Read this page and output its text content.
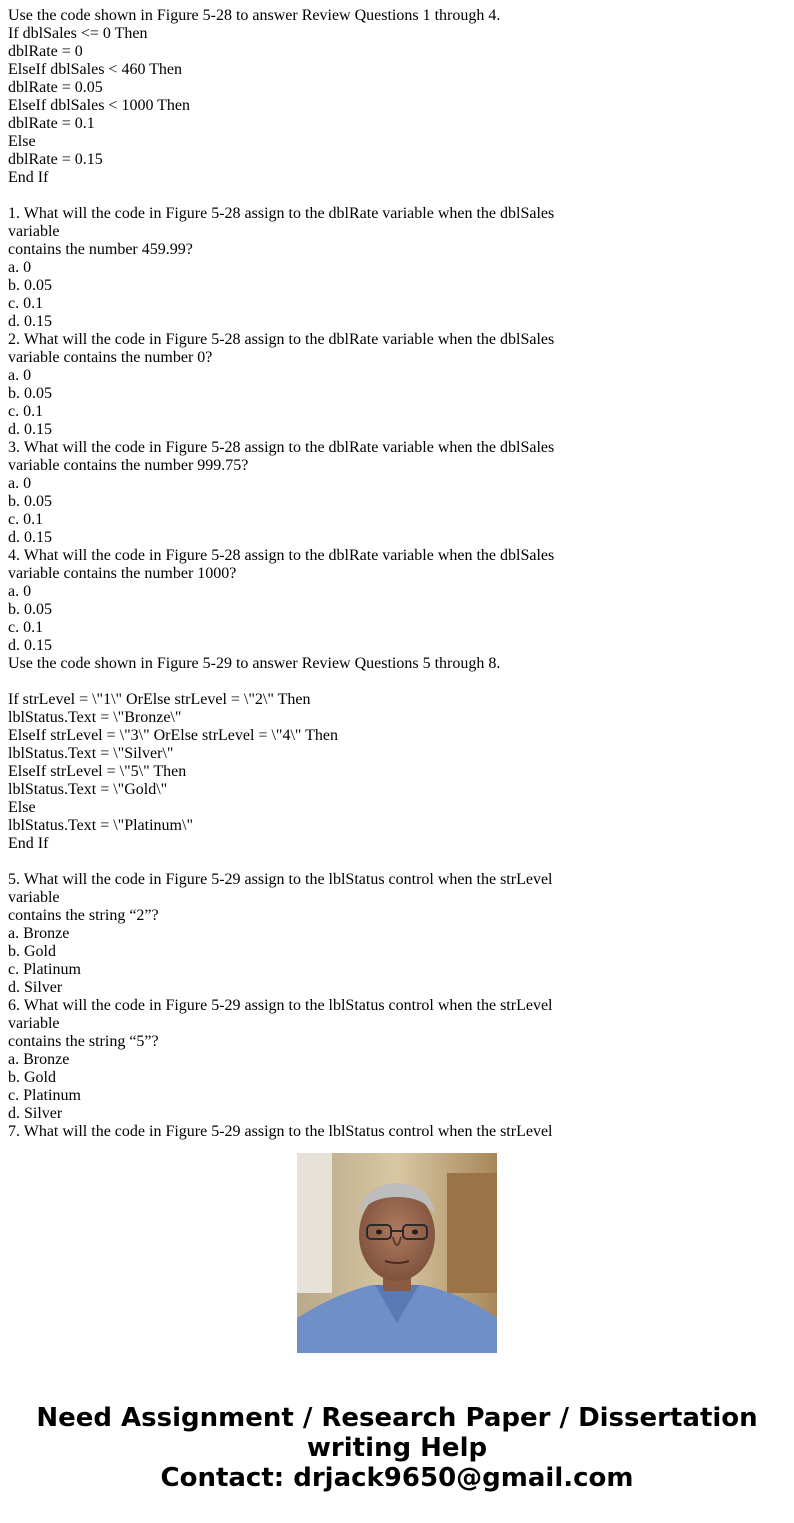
Use the code shown in Figure 5-28 to answer Review Questions 1 through 4.
If dblSales <= 0 Then
dblRate = 0
ElseIf dblSales < 460 Then
dblRate = 0.05
ElseIf dblSales < 1000 Then
dblRate = 0.1
Else
dblRate = 0.15
End If
1. What will the code in Figure 5-28 assign to the dblRate variable when the dblSales
variable
contains the number 459.99?
a. 0
b. 0.05
c. 0.1
d. 0.15
2. What will the code in Figure 5-28 assign to the dblRate variable when the dblSales
variable contains the number 0?
a. 0
b. 0.05
c. 0.1
d. 0.15
3. What will the code in Figure 5-28 assign to the dblRate variable when the dblSales
variable contains the number 999.75?
a. 0
b. 0.05
c. 0.1
d. 0.15
4. What will the code in Figure 5-28 assign to the dblRate variable when the dblSales
variable contains the number 1000?
a. 0
b. 0.05
c. 0.1
d. 0.15
Use the code shown in Figure 5-29 to answer Review Questions 5 through 8.
If strLevel = \"1\" OrElse strLevel = \"2\" Then
lblStatus.Text = \"Bronze\"
ElseIf strLevel = \"3\" OrElse strLevel = \"4\" Then
lblStatus.Text = \"Silver\"
ElseIf strLevel = \"5\" Then
lblStatus.Text = \"Gold\"
Else
lblStatus.Text = \"Platinum\"
End If
5. What will the code in Figure 5-29 assign to the lblStatus control when the strLevel
variable
contains the string “2”?
a. Bronze
b. Gold
c. Platinum
d. Silver
6. What will the code in Figure 5-29 assign to the lblStatus control when the strLevel
variable
contains the string “5”?
a. Bronze
b. Gold
c. Platinum
d. Silver
7. What will the code in Figure 5-29 assign to the lblStatus control when the strLevel
Need Assignment / Research Paper / Dissertation
writing Help
Contact: drjack9650@gmail.com
